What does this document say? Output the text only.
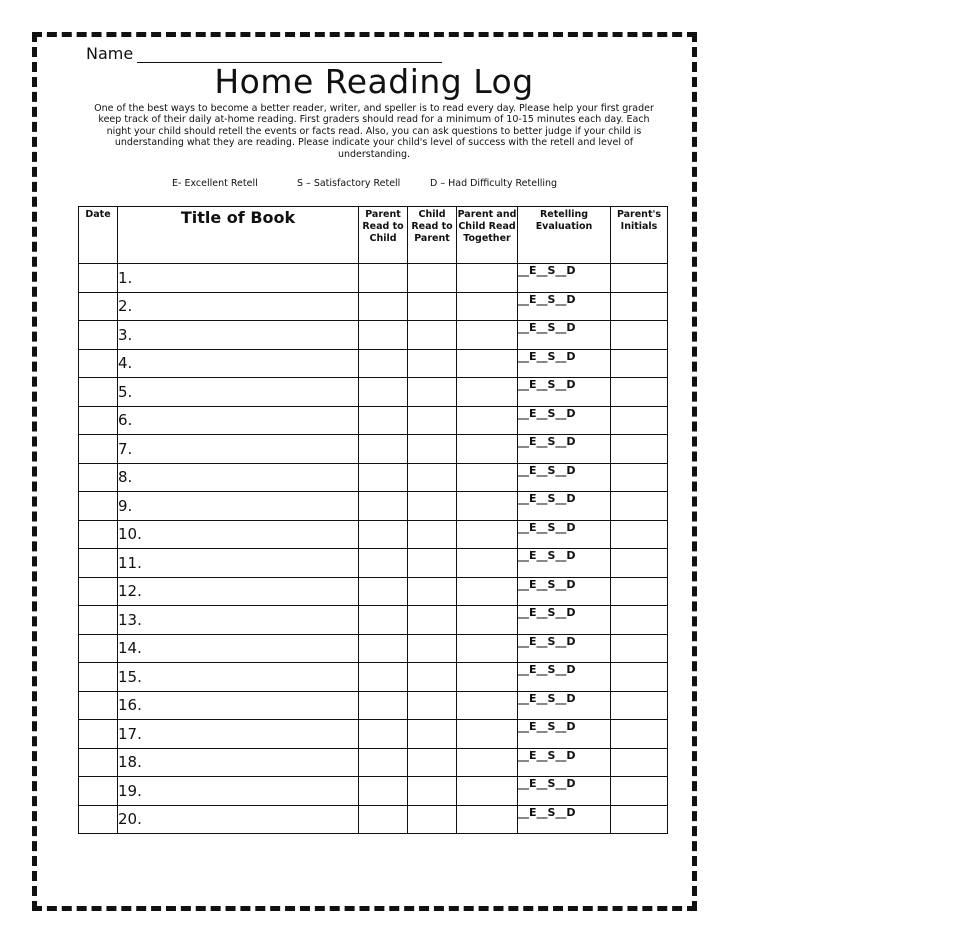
Name
Home Reading Log
One of the best ways to become a better reader, writer, and speller is to read every day. Please help your first grader keep track of their daily at-home reading. First graders should read for a minimum of 10-15 minutes each day. Each night your child should retell the events or facts read. Also, you can ask questions to better judge if your child is understanding what they are reading. Please indicate your child's level of success with the retell and level of understanding.
E- Excellent Retell	S – Satisfactory Retell	D – Had Difficulty Retelling
Date	Title of Book	Parent Read to Child	Child Read to Parent	Parent and Child Read Together	Retelling Evaluation	Parent's Initials
	1.				__E__S__D	
	2.				__E__S__D	
	3.				__E__S__D	
	4.				__E__S__D	
	5.				__E__S__D	
	6.				__E__S__D	
	7.				__E__S__D	
	8.				__E__S__D	
	9.				__E__S__D	
	10.				__E__S__D	
	11.				__E__S__D	
	12.				__E__S__D	
	13.				__E__S__D	
	14.				__E__S__D	
	15.				__E__S__D	
	16.				__E__S__D	
	17.				__E__S__D	
	18.				__E__S__D	
	19.				__E__S__D	
	20.				__E__S__D	
